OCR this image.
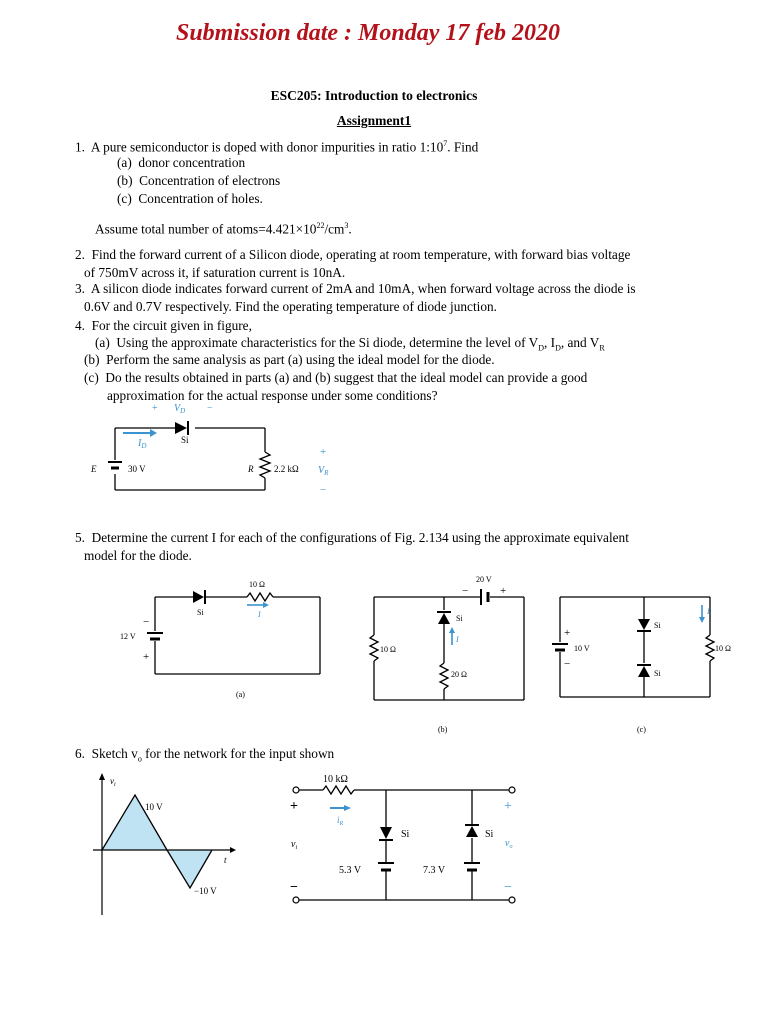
Submission date : Monday 17 feb 2020
ESC205: Introduction to electronics
Assignment1
1. A pure semiconductor is doped with donor impurities in ratio $1:10^7$. Find
(a) donor concentration
(b) Concentration of electrons
(c) Concentration of holes.
Assume total number of $atoms=4.421\times 10^{22}/cm^3$.
2. Find the forward current of a Silicon diode, operating at room temperature, with forward bias voltage
of 750mV across it, if saturation current is 10nA.
3. A silicon diode indicates forward current of 2mA and 10mA, when forward voltage across the diode is
0.6V and 0.7V respectively. Find the operating temperature of diode junction.
4. For the circuit given in figure,
(a) Using the approximate characteristics for the Si diode, determine the level of $V_D$, $I_D$, and $V_R$
(b) Perform the same analysis as part (a) using the ideal model for the diode.
(c) Do the results obtained in parts (a) and (b) suggest that the ideal model can provide a good
approximation for the actual response under some conditions?
Si
+ $V_D$ −
$I_D$
E	30 V	R 2.2 kΩ
+
$V_R$
−
5. Determine the current I for each of the configurations of Fig. 2.134 using the approximate equivalent
model for the diode.
Si
10 Ω
I
12 V
−
+
(a)
Si
20 V
−	+
10 Ω
20 Ω
I
(b)
Si
Si
10 V
+
−
10 Ω
I
(c)
6. Sketch $v_o$ for the network for the input shown
$v_i$
10 V
−10 V
t
10 kΩ
$i_R$
Si	Si
5.3 V	7.3 V
+
$v_i$
−
+
$v_o$
−
